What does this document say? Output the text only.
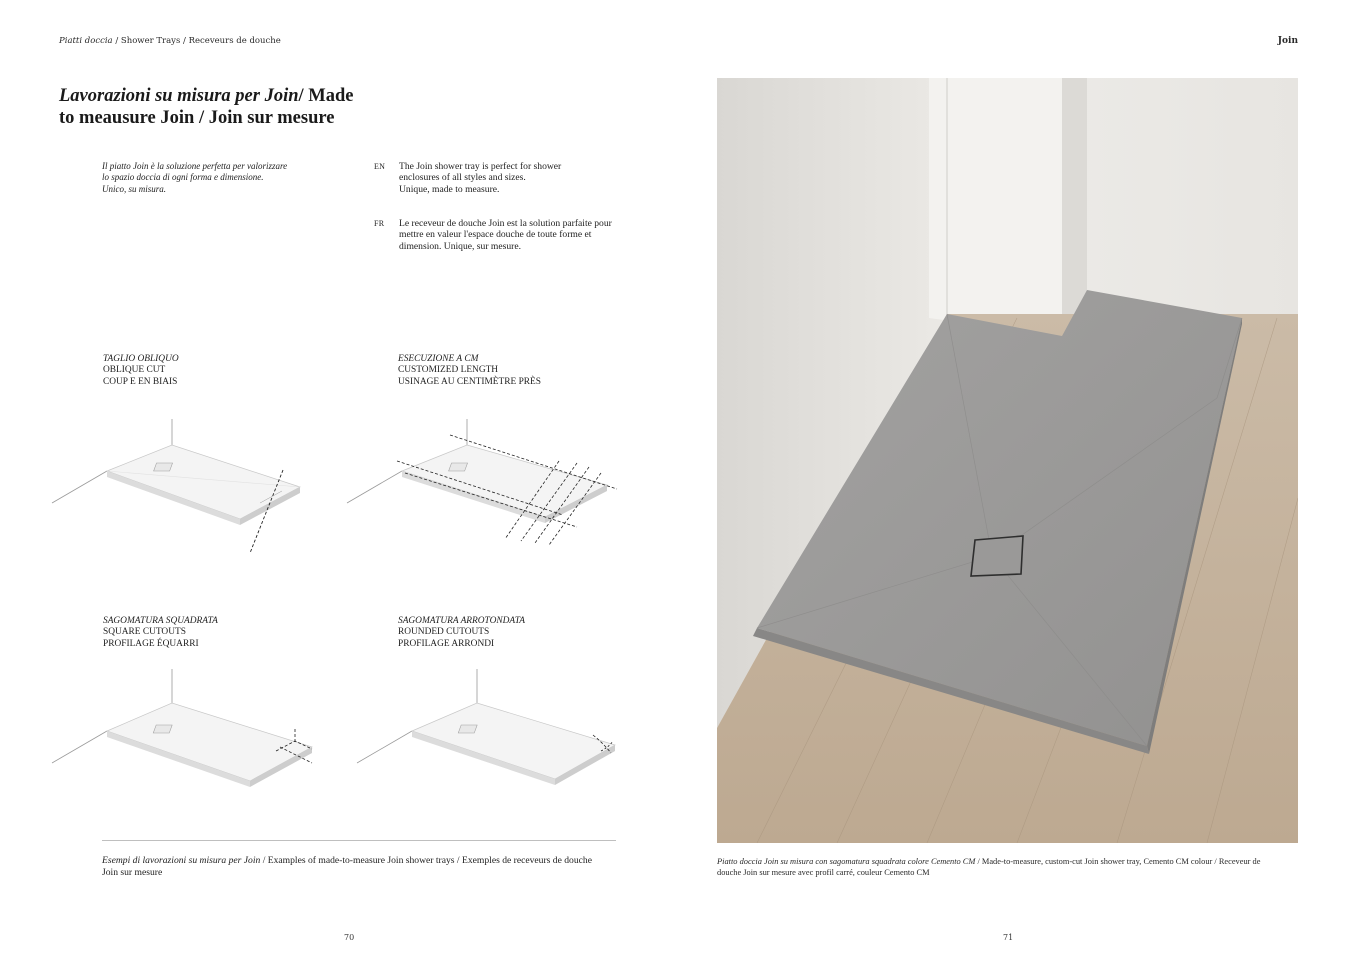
Piatti doccia / Shower Trays / Receveurs de douche	Join
Lavorazioni su misura per Join/ Made
to meausure Join / Join sur mesure
Il piatto Join è la soluzione perfetta per valorizzare
lo spazio doccia di ogni forma e dimensione.
Unico, su misura.
EN The Join shower tray is perfect for shower
enclosures of all styles and sizes.
Unique, made to measure.
FR Le receveur de douche Join est la solution parfaite pour
mettre en valeur l'espace douche de toute forme et
dimension. Unique, sur mesure.
TAGLIO OBLIQUO
OBLIQUE CUT
COUP E EN BIAIS
ESECUZIONE A CM
CUSTOMIZED LENGTH
USINAGE AU CENTIMÈTRE PRÈS
SAGOMATURA SQUADRATA
SQUARE CUTOUTS
PROFILAGE ÉQUARRI
SAGOMATURA ARROTONDATA
ROUNDED CUTOUTS
PROFILAGE ARRONDI
Esempi di lavorazioni su misura per Join / Examples of made-to-measure Join shower trays / Exemples de receveurs de douche
Join sur mesure
Piatto doccia Join su misura con sagomatura squadrata colore Cemento CM / Made-to-measure, custom-cut Join shower tray, Cemento CM colour / Receveur de
douche Join sur mesure avec profil carré, couleur Cemento CM
70	71
